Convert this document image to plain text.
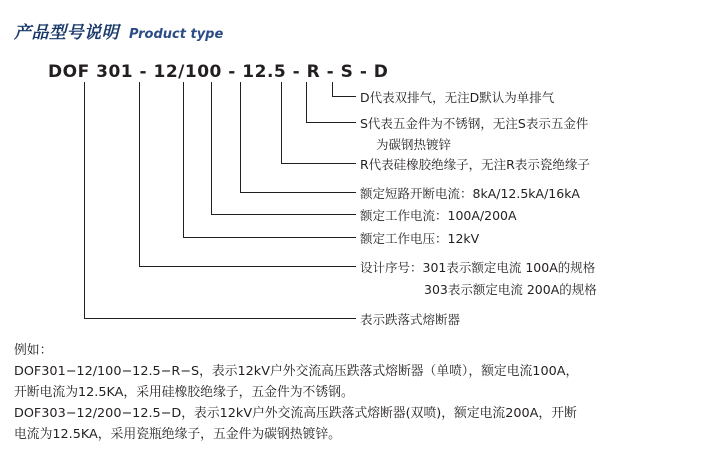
产品型号说明 Product type
DOF 301 - 12/100 - 12.5 - R - S - D
D代表双排气，无注D默认为单排气
S代表五金件为不锈钢，无注S表示五金件
为碳钢热镀锌
R代表硅橡胶绝缘子，无注R表示瓷绝缘子
额定短路开断电流：8kA/12.5kA/16kA
额定工作电流：100A/200A
额定工作电压：12kV
设计序号：301表示额定电流 100A的规格
303表示额定电流 200A的规格
表示跌落式熔断器
例如：
DOF301−12/100−12.5−R−S，表示12kV户外交流高压跌落式熔断器（单喷），额定电流100A，
开断电流为12.5KA，采用硅橡胶绝缘子，五金件为不锈钢。
DOF303−12/200−12.5−D，表示12kV户外交流高压跌落式熔断器(双喷)，额定电流200A，开断
电流为12.5KA，采用瓷瓶绝缘子，五金件为碳钢热镀锌。
